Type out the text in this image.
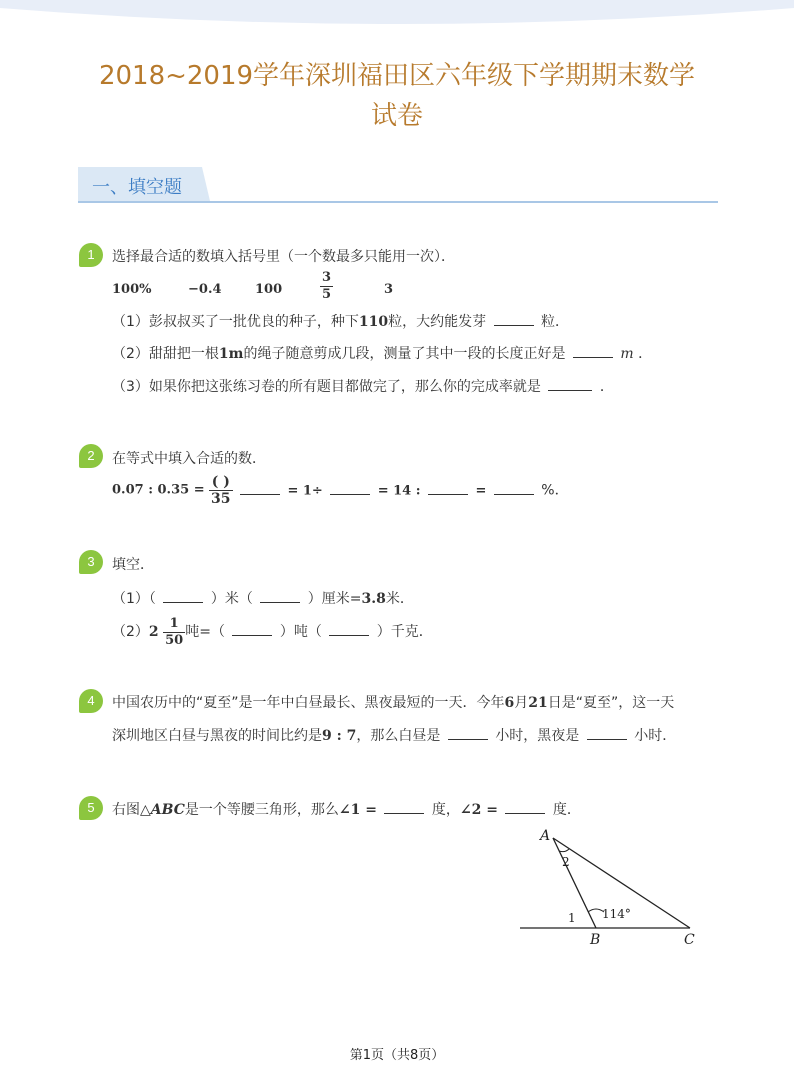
2018~2019学年深圳福田区六年级下学期期末数学
试卷
一、填空题
1	选择最合适的数填入括号里（一个数最多只能用一次）．
100%	−0.4	100	$\frac{3}{5}$	3
（1）彭叔叔买了一批优良的种子，种下110粒，大约能发芽	粒．
（2）甜甜把一根1m的绳子随意剪成几段，测量了其中一段的长度正好是	m ．
（3）如果你把这张练习卷的所有题目都做完了，那么你的完成率就是	．
2	在等式中填入合适的数．
0.07 : $0.35 = \frac{( )}{35}$	= 1÷	= 14 :	=	%．
3	填空．
（1）（	）米（	）厘米=3.8米．
$(2)2 \frac{1}{50}$ 吨=（	）吨（	）千克．
4	中国农历中的“夏至”是一年中白昼最长、黑夜最短的一天．今年6月21日是“夏至”，这一天
深圳地区白昼与黑夜的时间比约是9 : 7，那么白昼是	小时，黑夜是	小时．
5	右图△ABC是一个等腰三角形，那么∠1 =	度，∠2 =	度．
A
B	C
2
1 114°
第1页（共8页）
